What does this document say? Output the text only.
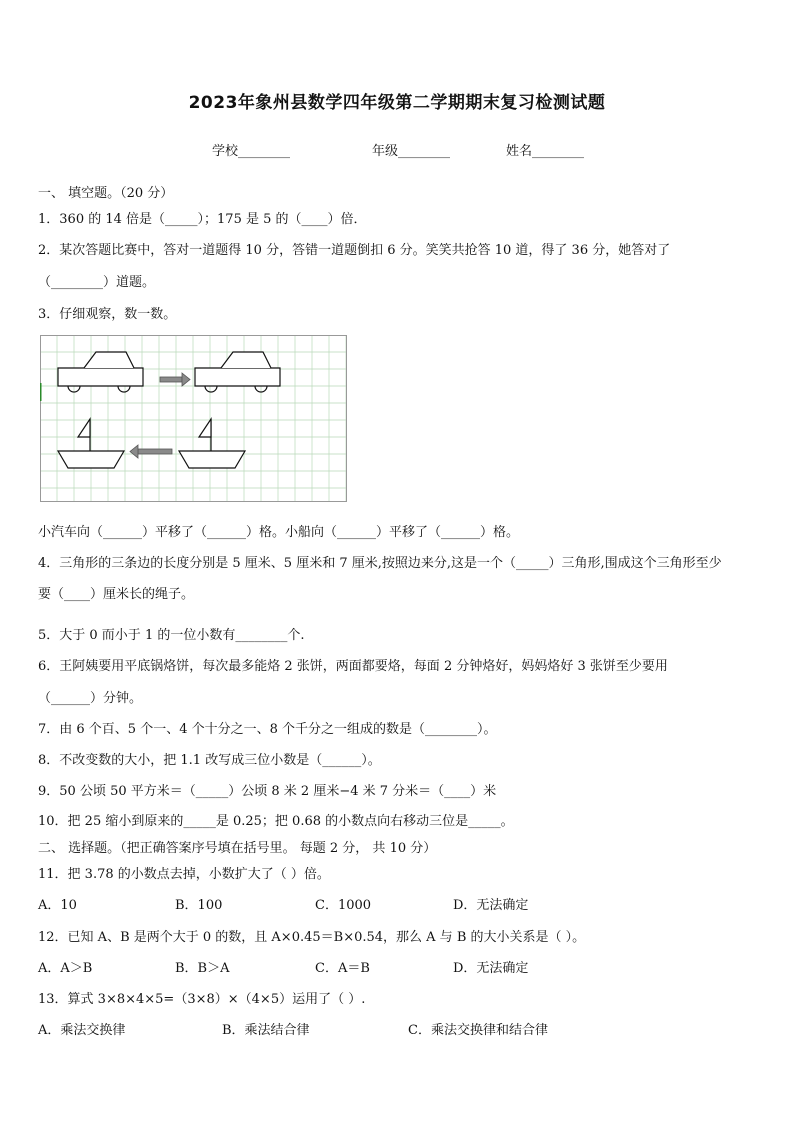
2023年象州县数学四年级第二学期期末复习检测试题
学校________	年级________	姓名________
一、 填空题。（20 分）
1．360 的 14 倍是（_____）；175 是 5 的（____）倍．
2．某次答题比赛中，答对一道题得 10 分，答错一道题倒扣 6 分。笑笑共抢答 10 道，得了 36 分，她答对了
（________）道题。
3．仔细观察，数一数。
小汽车向（______）平移了（______）格。小船向（______）平移了（______）格。
4．三角形的三条边的长度分别是 5 厘米、5 厘米和 7 厘米,按照边来分,这是一个（_____）三角形,围成这个三角形至少
要（____）厘米长的绳子。
5．大于 0 而小于 1 的一位小数有________个.
6．王阿姨要用平底锅烙饼，每次最多能烙 2 张饼，两面都要烙，每面 2 分钟烙好，妈妈烙好 3 张饼至少要用
（______）分钟。
7．由 6 个百、5 个一、4 个十分之一、8 个千分之一组成的数是（________）。
8．不改变数的大小，把 1.1 改写成三位小数是（______）。
9．50 公顷 50 平方米＝（_____）公顷 8 米 2 厘米−4 米 7 分米＝（____）米
10．把 25 缩小到原来的_____是 0.25；把 0.68 的小数点向右移动三位是_____。
二、 选择题。（把正确答案序号填在括号里。 每题 2 分， 共 10 分）
11．把 3.78 的小数点去掉，小数扩大了（ ）倍。
A．10	B．100	C．1000	D．无法确定
12．已知 A、B 是两个大于 0 的数，且 A×0.45＝B×0.54，那么 A 与 B 的大小关系是（ ）。
A．A＞B	B．B＞A	C．A＝B	D．无法确定
13．算式 3×8×4×5=（3×8）×（4×5）运用了（ ）.
A．乘法交换律	B．乘法结合律	C．乘法交换律和结合律
